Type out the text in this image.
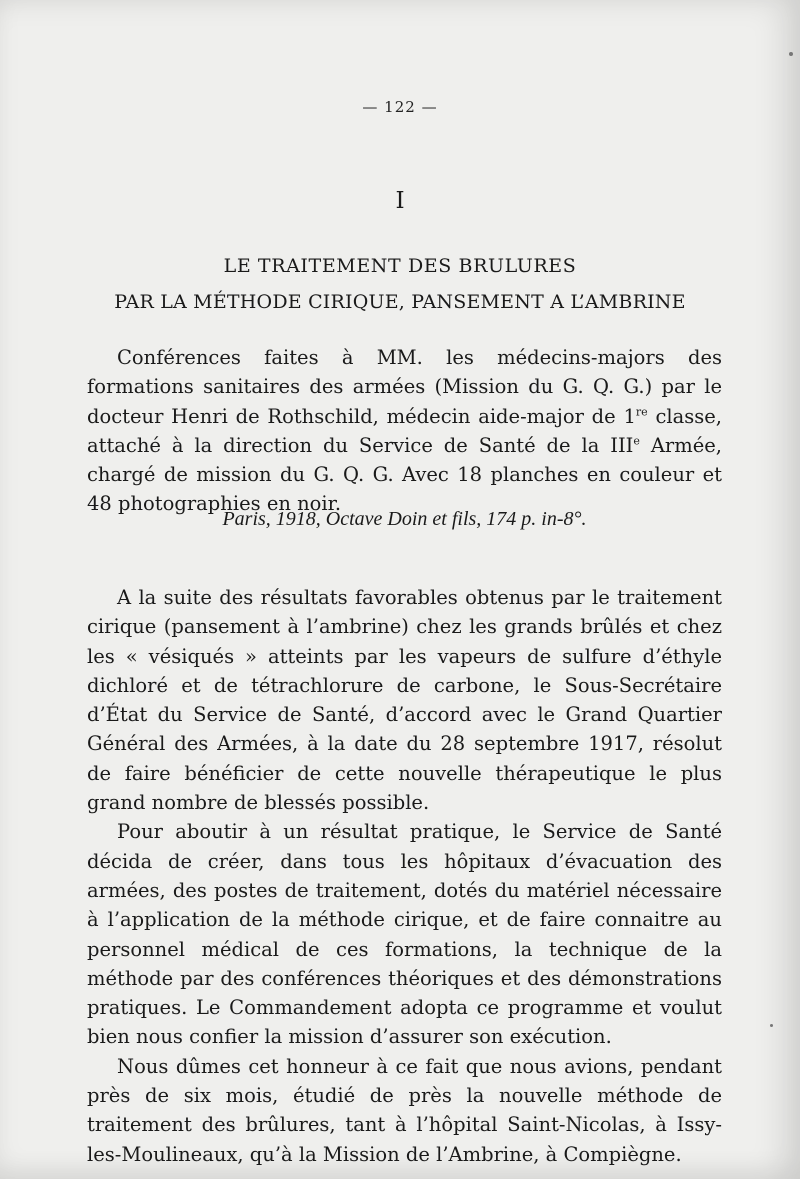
— 122 —
I
LE TRAITEMENT DES BRULURES
PAR LA MÉTHODE CIRIQUE, PANSEMENT A L’AMBRINE
Conférences faites à MM. les médecins-majors des formations sanitaires des armées (Mission du G. Q. G.) par le docteur Henri de Rothschild, médecin aide-major de 1re classe, attaché à la direction du Service de Santé de la IIIe Armée, chargé de mission du G. Q. G. Avec 18 planches en couleur et 48 photographies en noir.
Paris, 1918, Octave Doin et fils, 174 p. in-8°.

A la suite des résultats favorables obtenus par le traitement cirique (pansement à l’ambrine) chez les grands brûlés et chez les « vésiqués » atteints par les vapeurs de sulfure d’éthyle dichloré et de tétrachlorure de carbone, le Sous-Secrétaire d’État du Service de Santé, d’accord avec le Grand Quartier Général des Armées, à la date du 28 septembre 1917, résolut de faire bénéficier de cette nouvelle thérapeutique le plus grand nombre de blessés possible.

Pour aboutir à un résultat pratique, le Service de Santé décida de créer, dans tous les hôpitaux d’évacuation des armées, des postes de traitement, dotés du matériel nécessaire à l’application de la méthode cirique, et de faire connaitre au personnel médical de ces formations, la technique de la méthode par des conférences théoriques et des démonstrations pratiques. Le Commandement adopta ce programme et voulut bien nous confier la mission d’assurer son exécution.

Nous dûmes cet honneur à ce fait que nous avions, pendant près de six mois, étudié de près la nouvelle méthode de traitement des brûlures, tant à l’hôpital Saint-Nicolas, à Issy-les-Moulineaux, qu’à la Mission de l’Ambrine, à Compiègne.
